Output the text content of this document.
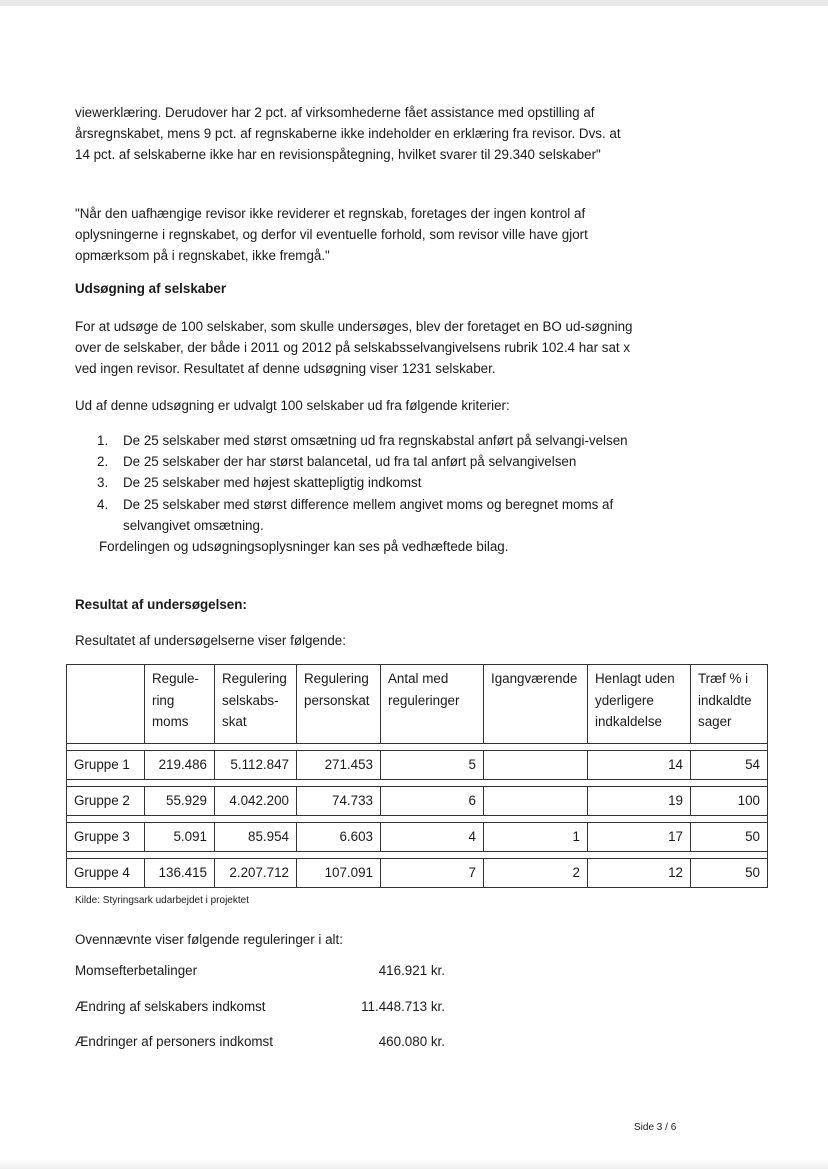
viewerklæring. Derudover har 2 pct. af virksomhederne fået assistance med opstilling af årsregnskabet, mens 9 pct. af regnskaberne ikke indeholder en erklæring fra revisor. Dvs. at 14 pct. af selskaberne ikke har en revisionspåtegning, hvilket svarer til 29.340 selskaber"

"Når den uafhængige revisor ikke reviderer et regnskab, foretages der ingen kontrol af oplysningerne i regnskabet, og derfor vil eventuelle forhold, som revisor ville have gjort opmærksom på i regnskabet, ikke fremgå."

Udsøgning af selskaber

For at udsøge de 100 selskaber, som skulle undersøges, blev der foretaget en BO ud-søgning over de selskaber, der både i 2011 og 2012 på selskabsselvangivelsens rubrik 102.4 har sat x ved ingen revisor. Resultatet af denne udsøgning viser 1231 selskaber.

Ud af denne udsøgning er udvalgt 100 selskaber ud fra følgende kriterier:

1. De 25 selskaber med størst omsætning ud fra regnskabstal anført på selvangi-velsen
2. De 25 selskaber der har størst balancetal, ud fra tal anført på selvangivelsen
3. De 25 selskaber med højest skattepligtig indkomst
4. De 25 selskaber med størst difference mellem angivet moms og beregnet moms af selvangivet omsætning.
Fordelingen og udsøgningsoplysninger kan ses på vedhæftede bilag.
Resultat af undersøgelsen:

Resultatet af undersøgelserne viser følgende:

	Regule-ring moms	Regulering selskabs-skat	Regulering personskat	Antal med reguleringer	Igangværende	Henlagt uden yderligere indkaldelse	Træf % i indkaldte sager

Gruppe 1	219.486	5.112.847	271.453	5		14	54

Gruppe 2	55.929	4.042.200	74.733	6		19	100

Gruppe 3	5.091	85.954	6.603	4	1	17	50

Gruppe 4	136.415	2.207.712	107.091	7	2	12	50
Kilde: Styringsark udarbejdet i projektet
Ovennævnte viser følgende reguleringer i alt:
Momsefterbetalinger	416.921 kr.
Ændring af selskabers indkomst	11.448.713 kr.
Ændringer af personers indkomst	460.080 kr.
Side 3 / 6
